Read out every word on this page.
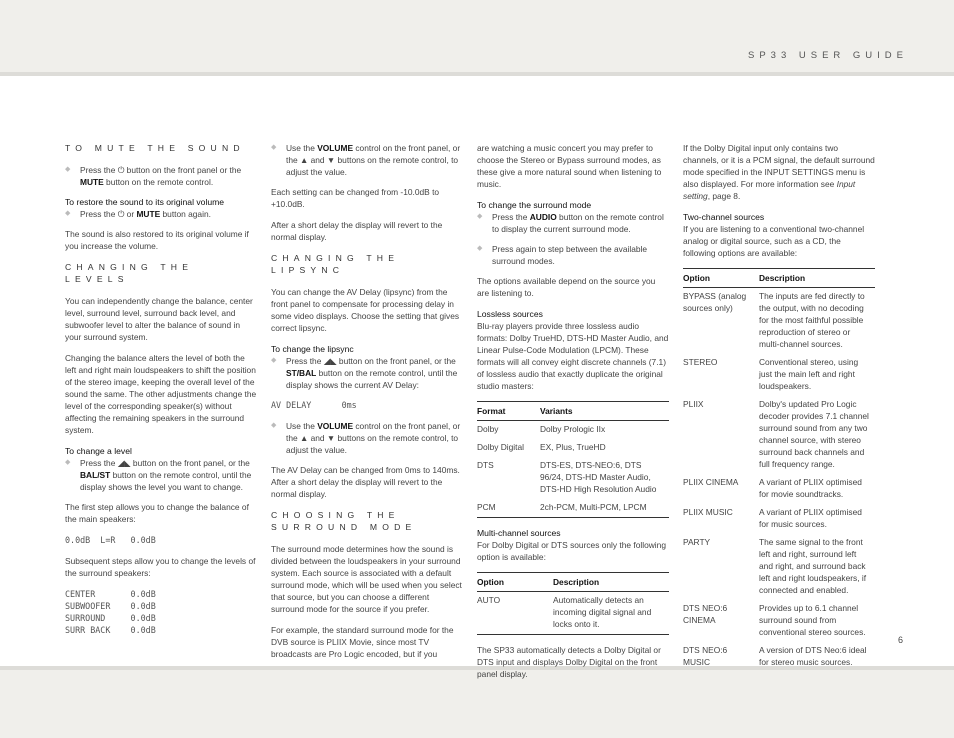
SP33 USER GUIDE
TO MUTE THE SOUND
◆ Press the ⏻ button on the front panel or the MUTE button on the remote control.
To restore the sound to its original volume
◆ Press the ⏻ or MUTE button again.

The sound is also restored to its original volume if you increase the volume.

CHANGING THE LEVELS

You can independently change the balance, center level, surround level, surround back level, and subwoofer level to alter the balance of sound in your surround system.

Changing the balance alters the level of both the left and right main loudspeakers to shift the position of the stereo image, keeping the overall level of the sound the same. The other adjustments change the level of the corresponding speaker(s) without affecting the remaining speakers in the surround system.

To change a level
◆ Press the ◢◣ button on the front panel, or the BAL/ST button on the remote control, until the display shows the level you want to change.

The first step allows you to change the balance of the main speakers:

0.0dB  L=R   0.0dB

Subsequent steps allow you to change the levels of the surround speakers:

CENTER       0.0dB
SUBWOOFER    0.0dB
SURROUND     0.0dB
SURR BACK    0.0dB
◆ Use the VOLUME control on the front panel, or the ▲ and ▼ buttons on the remote control, to adjust the value.

Each setting can be changed from -10.0dB to +10.0dB.

After a short delay the display will revert to the normal display.

CHANGING THE LIPSYNC

You can change the AV Delay (lipsync) from the front panel to compensate for processing delay in some video displays. Choose the setting that gives correct lipsync.

To change the lipsync
◆ Press the ◢◣ button on the front panel, or the ST/BAL button on the remote control, until the display shows the current AV Delay:
AV DELAY      0ms
◆ Use the VOLUME control on the front panel, or the ▲ and ▼ buttons on the remote control, to adjust the value.

The AV Delay can be changed from 0ms to 140ms. After a short delay the display will revert to the normal display.

CHOOSING THE SURROUND MODE

The surround mode determines how the sound is divided between the loudspeakers in your surround system. Each source is associated with a default surround mode, which will be used when you select that source, but you can choose a different surround mode for the source if you prefer.

For example, the standard surround mode for the DVB source is PLIIX Movie, since most TV broadcasts are Pro Logic encoded, but if you

are watching a music concert you may prefer to choose the Stereo or Bypass surround modes, as these give a more natural sound when listening to music.

To change the surround mode
◆ Press the AUDIO button on the remote control to display the current surround mode.
◆ Press again to step between the available surround modes.

The options available depend on the source you are listening to.

Lossless sources

Blu-ray players provide three lossless audio formats: Dolby TrueHD, DTS-HD Master Audio, and Linear Pulse-Code Modulation (LPCM). These formats will all convey eight discrete channels (7.1) of lossless audio that exactly duplicate the original studio masters:

Format	Variants
Dolby	Dolby Prologic IIx
Dolby Digital	EX, Plus, TrueHD
DTS	DTS-ES, DTS-NEO:6, DTS 96/24, DTS-HD Master Audio, DTS-HD High Resolution Audio
PCM	2ch-PCM, Multi-PCM, LPCM
Multi-channel sources

For Dolby Digital or DTS sources only the following option is available:

Option	Description
AUTO	Automatically detects an incoming digital signal and locks onto it.

The SP33 automatically detects a Dolby Digital or DTS input and displays Dolby Digital on the front panel display.

If the Dolby Digital input only contains two channels, or it is a PCM signal, the default surround mode specified in the INPUT SETTINGS menu is also displayed. For more information see Input setting, page 8.

Two-channel sources

If you are listening to a conventional two-channel analog or digital source, such as a CD, the following options are available:

Option	Description
BYPASS (analog sources only)	The inputs are fed directly to the output, with no decoding for the most faithful possible reproduction of stereo or multi-channel sources.
STEREO	Conventional stereo, using just the main left and right loudspeakers.
PLIIX	Dolby's updated Pro Logic decoder provides 7.1 channel surround sound from any two channel source, with stereo surround back channels and full frequency range.
PLIIX CINEMA	A variant of PLIIX optimised for movie soundtracks.
PLIIX MUSIC	A variant of PLIIX optimised for music sources.
PARTY	The same signal to the front left and right, surround left and right, and surround back left and right loudspeakers, if connected and enabled.
DTS NEO:6 CINEMA	Provides up to 6.1 channel surround sound from conventional stereo sources.
DTS NEO:6 MUSIC	A version of DTS Neo:6 ideal for stereo music sources.
6
